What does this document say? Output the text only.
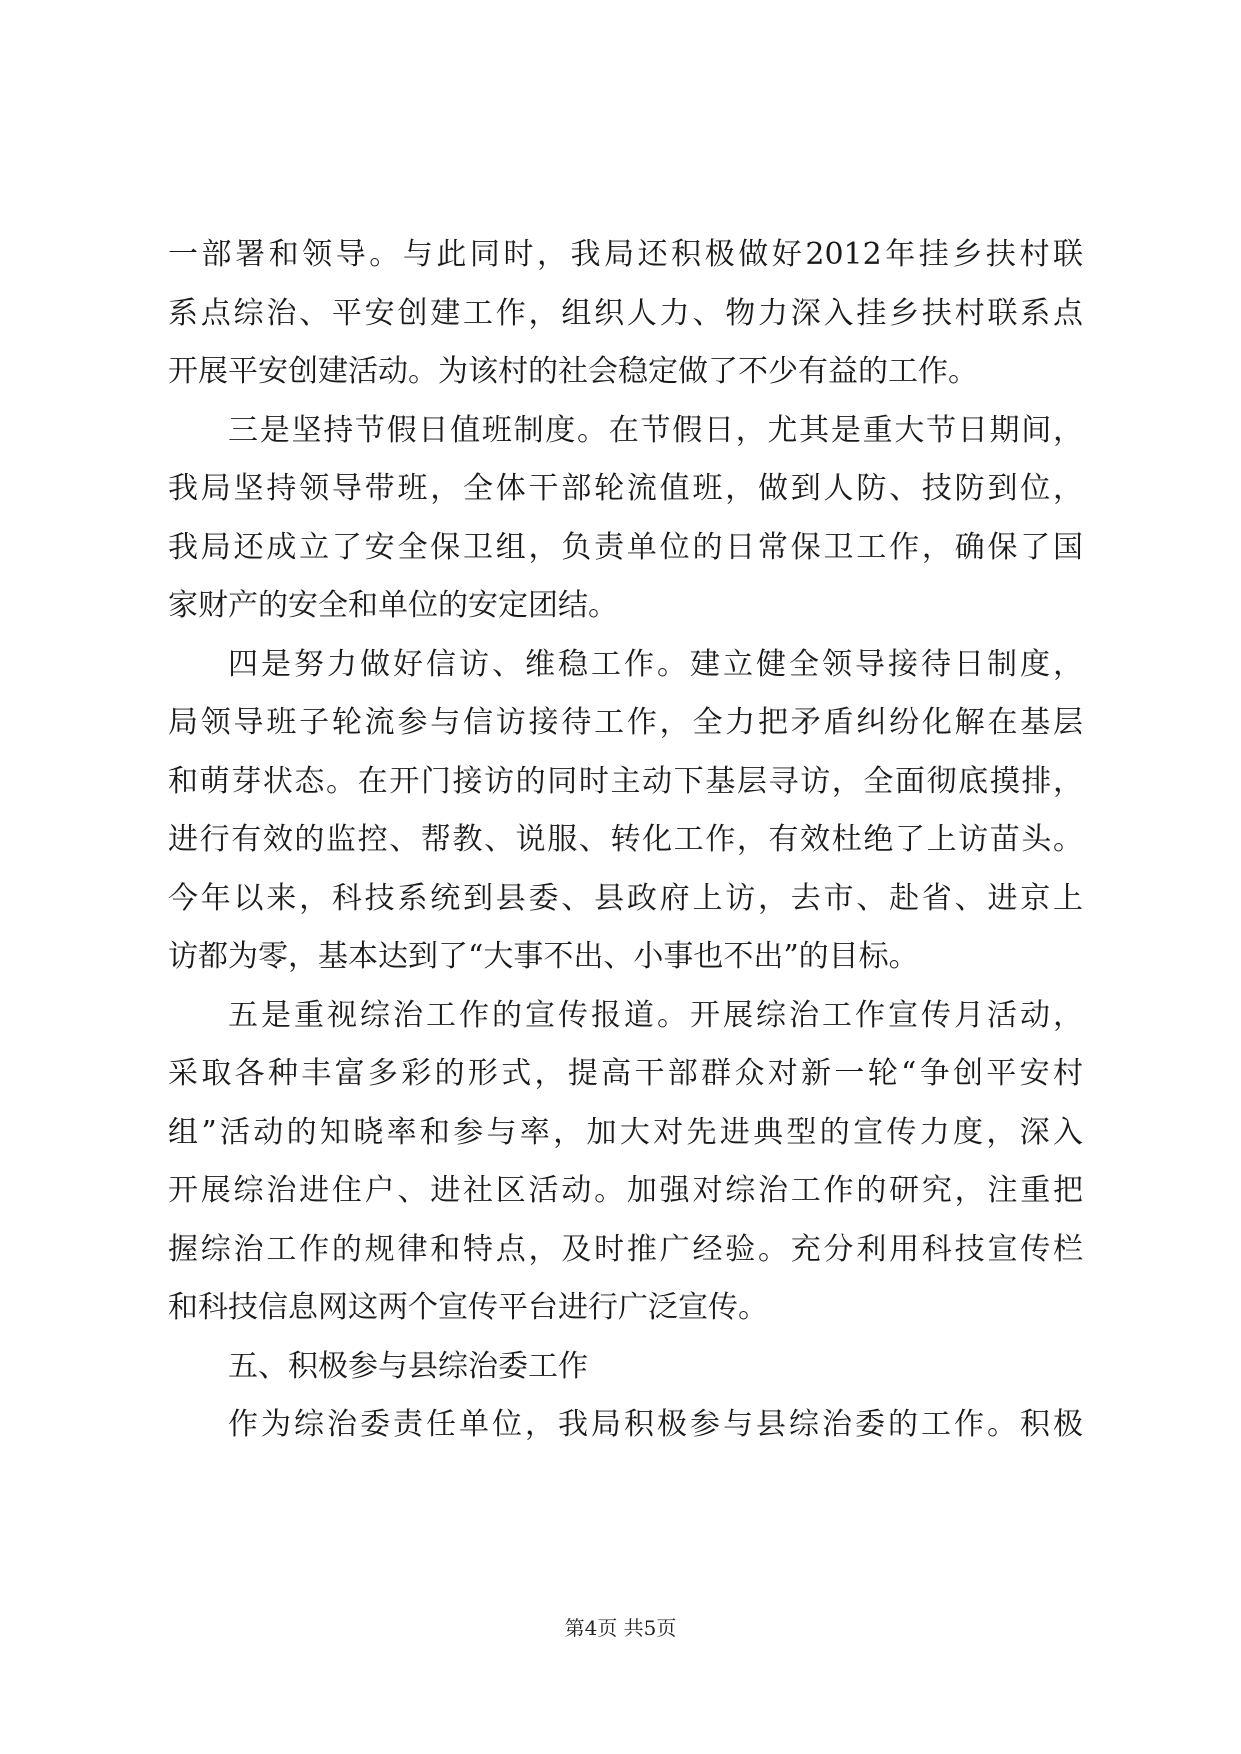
一部署和领导。与此同时，我局还积极做好2012年挂乡扶村联
系点综治、平安创建工作，组织人力、物力深入挂乡扶村联系点
开展平安创建活动。为该村的社会稳定做了不少有益的工作。
三是坚持节假日值班制度。在节假日，尤其是重大节日期间，
我局坚持领导带班，全体干部轮流值班，做到人防、技防到位，
我局还成立了安全保卫组，负责单位的日常保卫工作，确保了国
家财产的安全和单位的安定团结。
四是努力做好信访、维稳工作。建立健全领导接待日制度，
局领导班子轮流参与信访接待工作，全力把矛盾纠纷化解在基层
和萌芽状态。在开门接访的同时主动下基层寻访，全面彻底摸排，
进行有效的监控、帮教、说服、转化工作，有效杜绝了上访苗头。
今年以来，科技系统到县委、县政府上访，去市、赴省、进京上
访都为零，基本达到了“大事不出、小事也不出”的目标。
五是重视综治工作的宣传报道。开展综治工作宣传月活动，
采取各种丰富多彩的形式，提高干部群众对新一轮“争创平安村
组”活动的知晓率和参与率，加大对先进典型的宣传力度，深入
开展综治进住户、进社区活动。加强对综治工作的研究，注重把
握综治工作的规律和特点，及时推广经验。充分利用科技宣传栏
和科技信息网这两个宣传平台进行广泛宣传。
五、积极参与县综治委工作
作为综治委责任单位，我局积极参与县综治委的工作。积极
第4页 共5页
